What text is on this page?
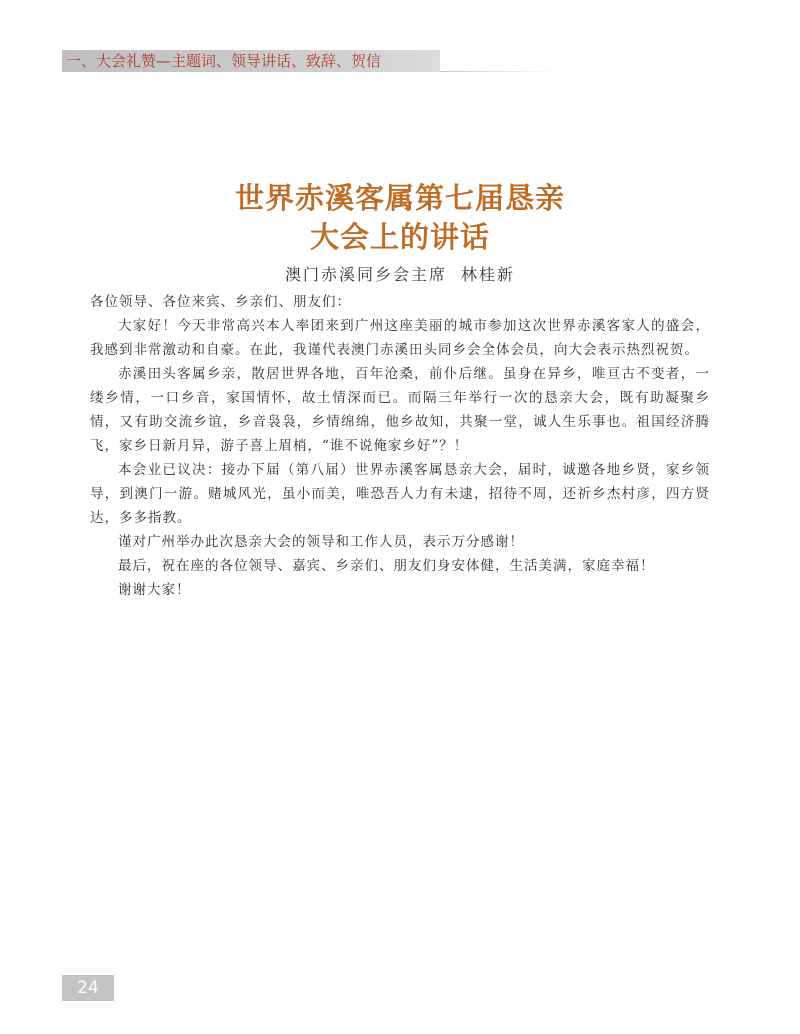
一、大会礼赞—主题词、领导讲话、致辞、贺信
世界赤溪客属第七届恳亲
大会上的讲话
澳门赤溪同乡会主席 林桂新

各位领导、各位来宾、乡亲们、朋友们：

大家好！今天非常高兴本人率团来到广州这座美丽的城市参加这次世界赤溪客家人的盛会，我感到非常激动和自豪。在此，我谨代表澳门赤溪田头同乡会全体会员，向大会表示热烈祝贺。

赤溪田头客属乡亲，散居世界各地，百年沧桑，前仆后继。虽身在异乡，唯亘古不变者，一缕乡情，一口乡音，家国情怀，故土情深而已。而隔三年举行一次的恳亲大会，既有助凝聚乡情，又有助交流乡谊，乡音袅袅，乡情绵绵，他乡故知，共聚一堂，诚人生乐事也。祖国经济腾飞，家乡日新月异，游子喜上眉梢，“谁不说俺家乡好”？！

本会业已议决：接办下届（第八届）世界赤溪客属恳亲大会，届时，诚邀各地乡贤，家乡领导，到澳门一游。赌城风光，虽小而美，唯恐吾人力有未逮，招待不周，还祈乡杰村彦，四方贤达，多多指教。

谨对广州举办此次恳亲大会的领导和工作人员，表示万分感谢！

最后，祝在座的各位领导、嘉宾、乡亲们、朋友们身安体健，生活美满，家庭幸福！

谢谢大家！

24
